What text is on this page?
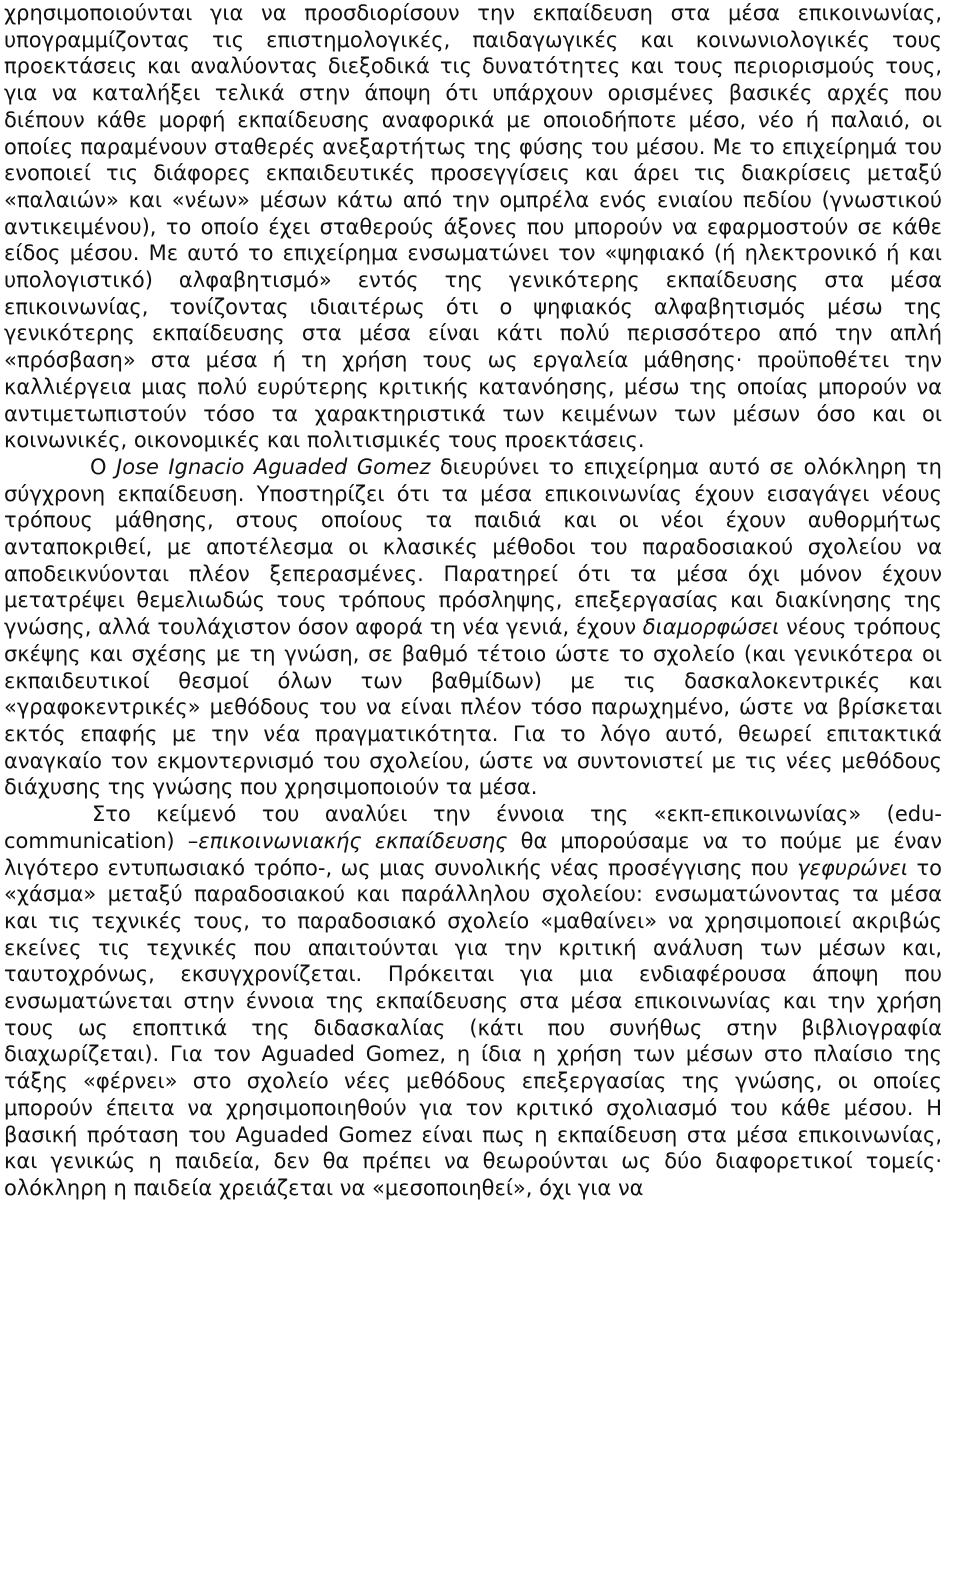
χρησιμοποιούνται για να προσδιορίσουν την εκπαίδευση στα μέσα επικοινωνίας, υπογραμμίζοντας τις επιστημολογικές, παιδαγωγικές και κοινωνιολογικές τους προεκτάσεις και αναλύοντας διεξοδικά τις δυνατότητες και τους περιορισμούς τους, για να καταλήξει τελικά στην άποψη ότι υπάρχουν ορισμένες βασικές αρχές που διέπουν κάθε μορφή εκπαίδευσης αναφορικά με οποιοδήποτε μέσο, νέο ή παλαιό, οι οποίες παραμένουν σταθερές ανεξαρτήτως της φύσης του μέσου. Με το επιχείρημά του ενοποιεί τις διάφορες εκπαιδευτικές προσεγγίσεις και άρει τις διακρίσεις μεταξύ «παλαιών» και «νέων» μέσων κάτω από την ομπρέλα ενός ενιαίου πεδίου (γνωστικού αντικειμένου), το οποίο έχει σταθερούς άξονες που μπορούν να εφαρμοστούν σε κάθε είδος μέσου. Με αυτό το επιχείρημα ενσωματώνει τον «ψηφιακό (ή ηλεκτρονικό ή και υπολογιστικό) αλφαβητισμό» εντός της γενικότερης εκπαίδευσης στα μέσα επικοινωνίας, τονίζοντας ιδιαιτέρως ότι ο ψηφιακός αλφαβητισμός μέσω της γενικότερης εκπαίδευσης στα μέσα είναι κάτι πολύ περισσότερο από την απλή «πρόσβαση» στα μέσα ή τη χρήση τους ως εργαλεία μάθησης· προϋποθέτει την καλλιέργεια μιας πολύ ευρύτερης κριτικής κατανόησης, μέσω της οποίας μπορούν να αντιμετωπιστούν τόσο τα χαρακτηριστικά των κειμένων των μέσων όσο και οι κοινωνικές, οικονομικές και πολιτισμικές τους προεκτάσεις.

Ο Jose Ignacio Aguaded Gomez διευρύνει το επιχείρημα αυτό σε ολόκληρη τη σύγχρονη εκπαίδευση. Υποστηρίζει ότι τα μέσα επικοινωνίας έχουν εισαγάγει νέους τρόπους μάθησης, στους οποίους τα παιδιά και οι νέοι έχουν αυθορμήτως ανταποκριθεί, με αποτέλεσμα οι κλασικές μέθοδοι του παραδοσιακού σχολείου να αποδεικνύονται πλέον ξεπερασμένες. Παρατηρεί ότι τα μέσα όχι μόνον έχουν μετατρέψει θεμελιωδώς τους τρόπους πρόσληψης, επεξεργασίας και διακίνησης της γνώσης, αλλά τουλάχιστον όσον αφορά τη νέα γενιά, έχουν διαμορφώσει νέους τρόπους σκέψης και σχέσης με τη γνώση, σε βαθμό τέτοιο ώστε το σχολείο (και γενικότερα οι εκπαιδευτικοί θεσμοί όλων των βαθμίδων) με τις δασκαλοκεντρικές και «γραφοκεντρικές» μεθόδους του να είναι πλέον τόσο παρωχημένο, ώστε να βρίσκεται εκτός επαφής με την νέα πραγματικότητα. Για το λόγο αυτό, θεωρεί επιτακτικά αναγκαίο τον εκμοντερνισμό του σχολείου, ώστε να συντονιστεί με τις νέες μεθόδους διάχυσης της γνώσης που χρησιμοποιούν τα μέσα.

Στο κείμενό του αναλύει την έννοια της «εκπ-επικοινωνίας» (edu-communication) –επικοινωνιακής εκπαίδευσης θα μπορούσαμε να το πούμε με έναν λιγότερο εντυπωσιακό τρόπο-, ως μιας συνολικής νέας προσέγγισης που γεφυρώνει το «χάσμα» μεταξύ παραδοσιακού και παράλληλου σχολείου: ενσωματώνοντας τα μέσα και τις τεχνικές τους, το παραδοσιακό σχολείο «μαθαίνει» να χρησιμοποιεί ακριβώς εκείνες τις τεχνικές που απαιτούνται για την κριτική ανάλυση των μέσων και, ταυτοχρόνως, εκσυγχρονίζεται. Πρόκειται για μια ενδιαφέρουσα άποψη που ενσωματώνεται στην έννοια της εκπαίδευσης στα μέσα επικοινωνίας και την χρήση τους ως εποπτικά της διδασκαλίας (κάτι που συνήθως στην βιβλιογραφία διαχωρίζεται). Για τον Aguaded Gomez, η ίδια η χρήση των μέσων στο πλαίσιο της τάξης «φέρνει» στο σχολείο νέες μεθόδους επεξεργασίας της γνώσης, οι οποίες μπορούν έπειτα να χρησιμοποιηθούν για τον κριτικό σχολιασμό του κάθε μέσου. Η βασική πρόταση του Aguaded Gomez είναι πως η εκπαίδευση στα μέσα επικοινωνίας, και γενικώς η παιδεία, δεν θα πρέπει να θεωρούνται ως δύο διαφορετικοί τομείς· ολόκληρη η παιδεία χρειάζεται να «μεσοποιηθεί», όχι για να
